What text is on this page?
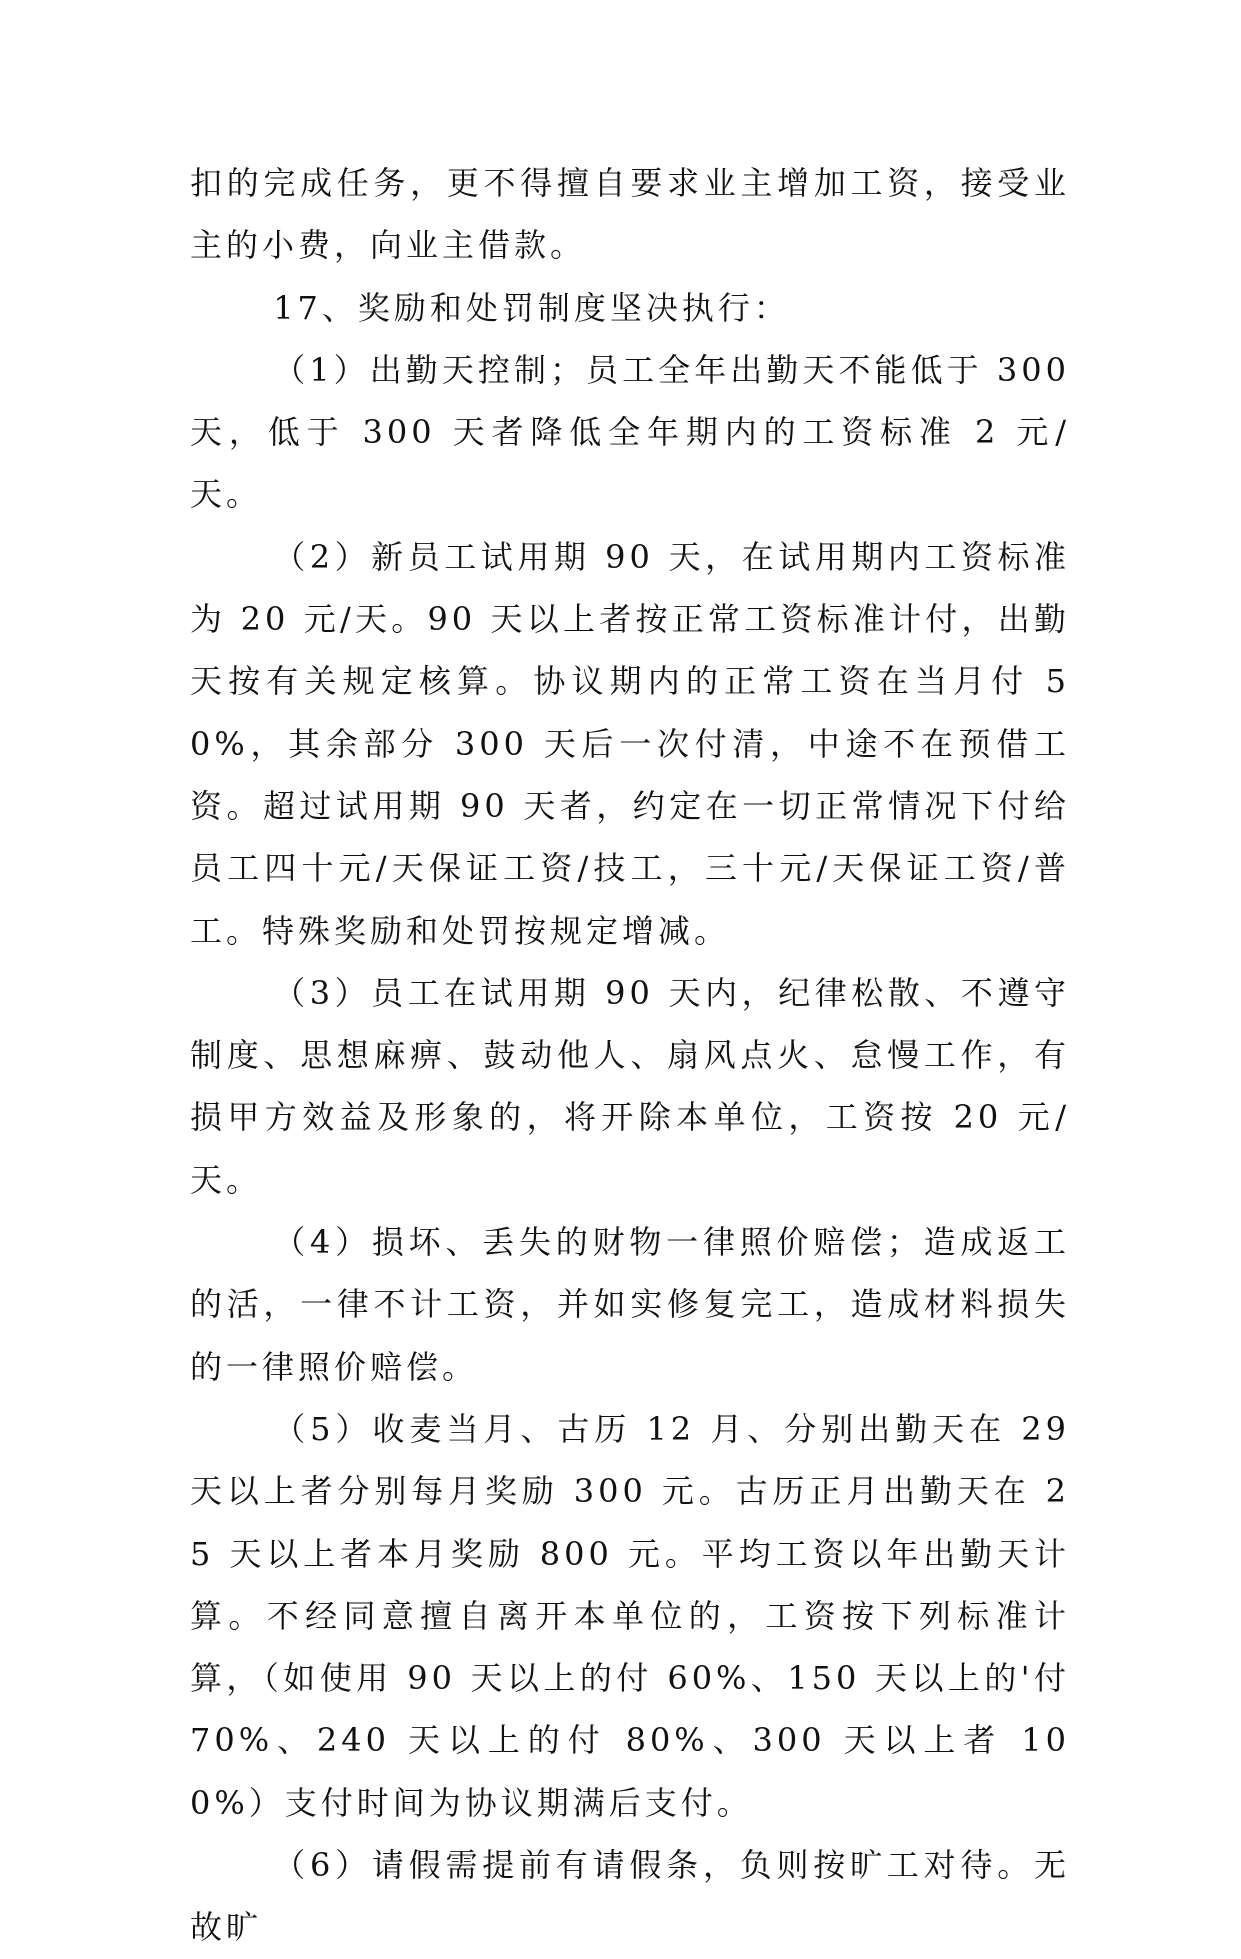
扣的完成任务，更不得擅自要求业主增加工资，接受业主的小费，向业主借款。

17、奖励和处罚制度坚决执行：

（1）出勤天控制；员工全年出勤天不能低于 300 天，低于 300 天者降低全年期内的工资标准 2 元/天。

（2）新员工试用期 90 天，在试用期内工资标准为 20 元/天。90 天以上者按正常工资标准计付，出勤天按有关规定核算。协议期内的正常工资在当月付 50%，其余部分 300 天后一次付清，中途不在预借工资。超过试用期 90 天者，约定在一切正常情况下付给员工四十元/天保证工资/技工，三十元/天保证工资/普工。特殊奖励和处罚按规定增减。

（3）员工在试用期 90 天内，纪律松散、不遵守制度、思想麻痹、鼓动他人、扇风点火、怠慢工作，有损甲方效益及形象的，将开除本单位，工资按 20 元/天。

（4）损坏、丢失的财物一律照价赔偿；造成返工的活，一律不计工资，并如实修复完工，造成材料损失的一律照价赔偿。

（5）收麦当月、古历 12 月、分别出勤天在 29 天以上者分别每月奖励 300 元。古历正月出勤天在 25 天以上者本月奖励 800 元。平均工资以年出勤天计算。不经同意擅自离开本单位的，工资按下列标准计算，（如使用 90 天以上的付 60%、150 天以上的'付 70%、240 天以上的付 80%、300 天以上者 100%）支付时间为协议期满后支付。

（6）请假需提前有请假条，负则按旷工对待。无故旷
